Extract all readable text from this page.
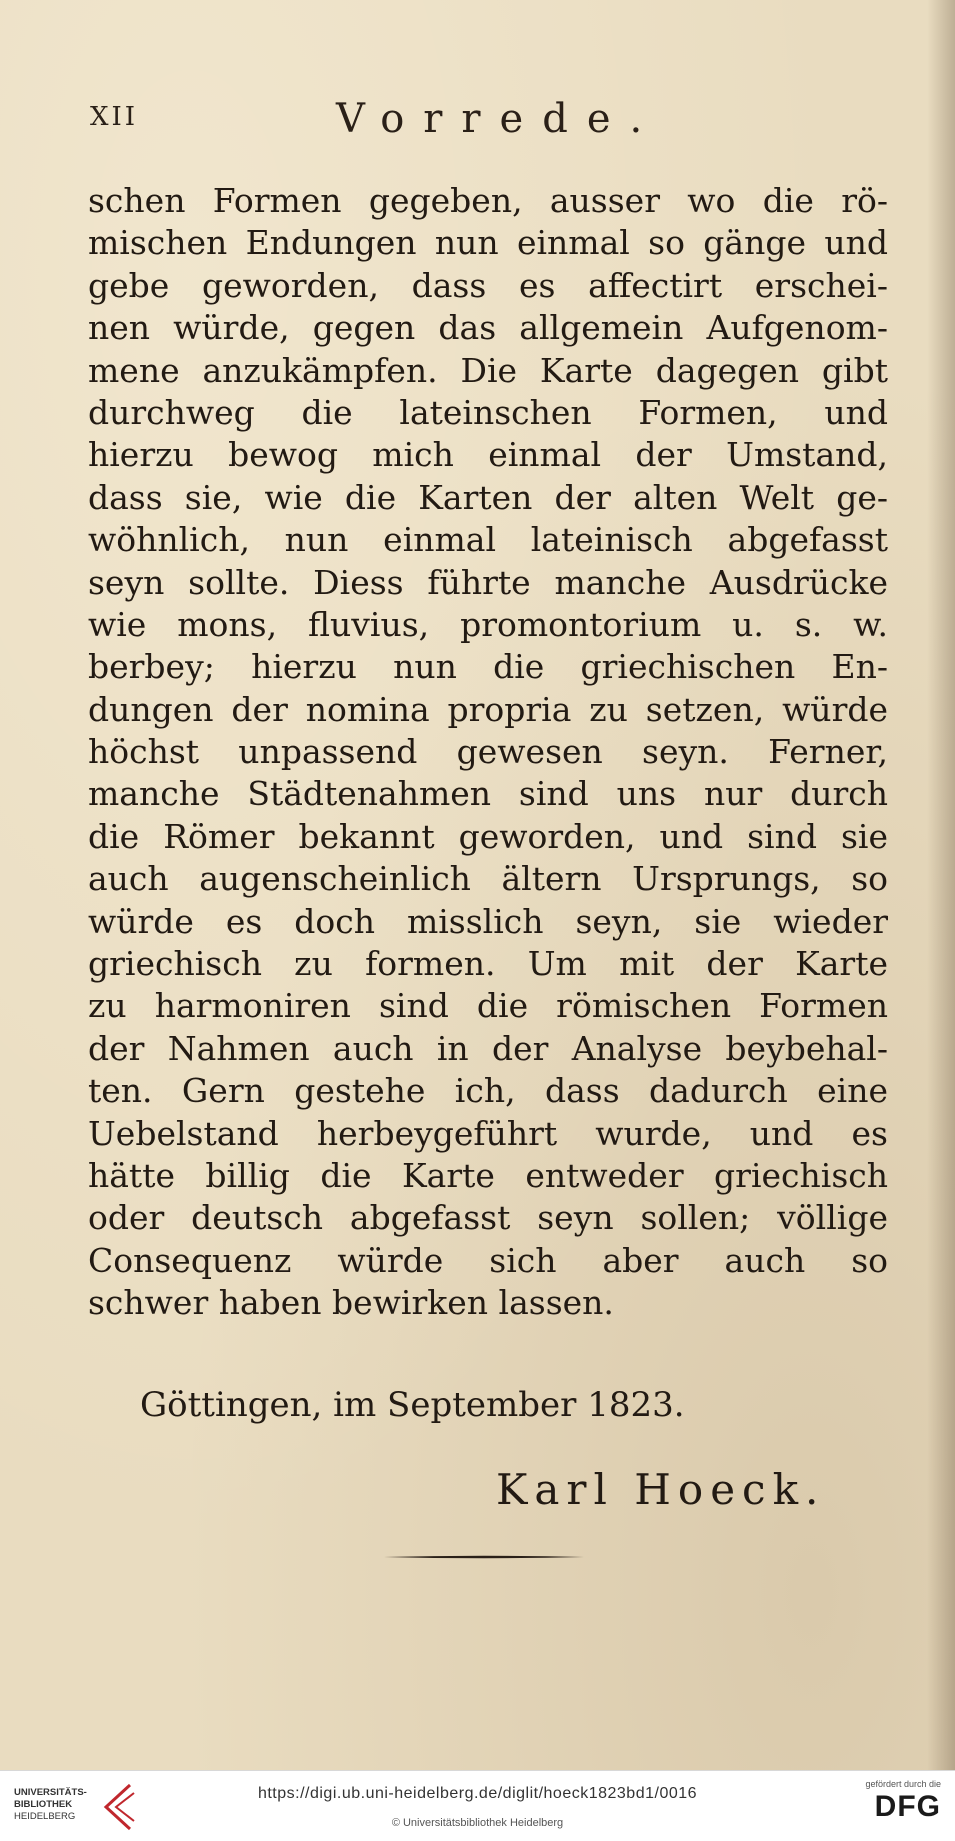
XII	Vorrede.
schen Formen gegeben, ausser wo die rö-
mischen Endungen nun einmal so gänge und
gebe geworden, dass es affectirt erschei-
nen würde, gegen das allgemein Aufgenom-
mene anzukämpfen. Die Karte dagegen gibt
durchweg die lateinschen Formen, und
hierzu bewog mich einmal der Umstand,
dass sie, wie die Karten der alten Welt ge-
wöhnlich, nun einmal lateinisch abgefasst
seyn sollte. Diess führte manche Ausdrücke
wie mons, fluvius, promontorium u. s. w.
berbey; hierzu nun die griechischen En-
dungen der nomina propria zu setzen, würde
höchst unpassend gewesen seyn. Ferner,
manche Städtenahmen sind uns nur durch
die Römer bekannt geworden, und sind sie
auch augenscheinlich ältern Ursprungs, so
würde es doch misslich seyn, sie wieder
griechisch zu formen. Um mit der Karte
zu harmoniren sind die römischen Formen
der Nahmen auch in der Analyse beybehal-
ten. Gern gestehe ich, dass dadurch eine
Uebelstand herbeygeführt wurde, und es
hätte billig die Karte entweder griechisch
oder deutsch abgefasst seyn sollen; völlige
Consequenz würde sich aber auch so
schwer haben bewirken lassen.
Göttingen, im September 1823.
Karl Hoeck.
UNIVERSITÄTS-
BIBLIOTHEK
HEIDELBERG
https://digi.ub.uni-heidelberg.de/diglit/hoeck1823bd1/0016
© Universitätsbibliothek Heidelberg
gefördert durch die
DFG
